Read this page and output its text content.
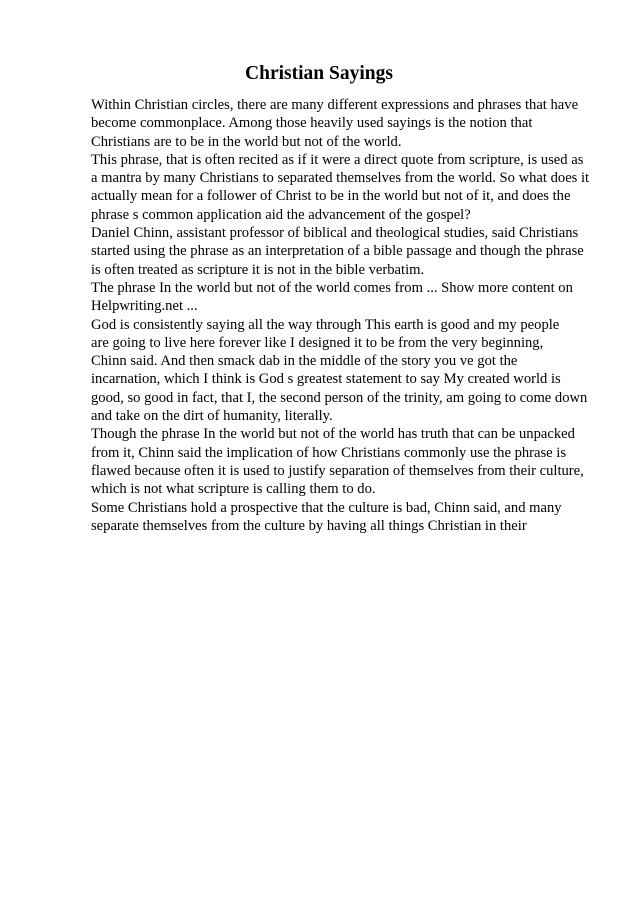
Christian Sayings
Within Christian circles, there are many different expressions and phrases that have
become commonplace. Among those heavily used sayings is the notion that
Christians are to be in the world but not of the world.
This phrase, that is often recited as if it were a direct quote from scripture, is used as
a mantra by many Christians to separated themselves from the world. So what does it
actually mean for a follower of Christ to be in the world but not of it, and does the
phrase s common application aid the advancement of the gospel?
Daniel Chinn, assistant professor of biblical and theological studies, said Christians
started using the phrase as an interpretation of a bible passage and though the phrase
is often treated as scripture it is not in the bible verbatim.
The phrase In the world but not of the world comes from ... Show more content on
Helpwriting.net ...
God is consistently saying all the way through This earth is good and my people
are going to live here forever like I designed it to be from the very beginning,
Chinn said. And then smack dab in the middle of the story you ve got the
incarnation, which I think is God s greatest statement to say My created world is
good, so good in fact, that I, the second person of the trinity, am going to come down
and take on the dirt of humanity, literally.
Though the phrase In the world but not of the world has truth that can be unpacked
from it, Chinn said the implication of how Christians commonly use the phrase is
flawed because often it is used to justify separation of themselves from their culture,
which is not what scripture is calling them to do.
Some Christians hold a prospective that the culture is bad, Chinn said, and many
separate themselves from the culture by having all things Christian in their
